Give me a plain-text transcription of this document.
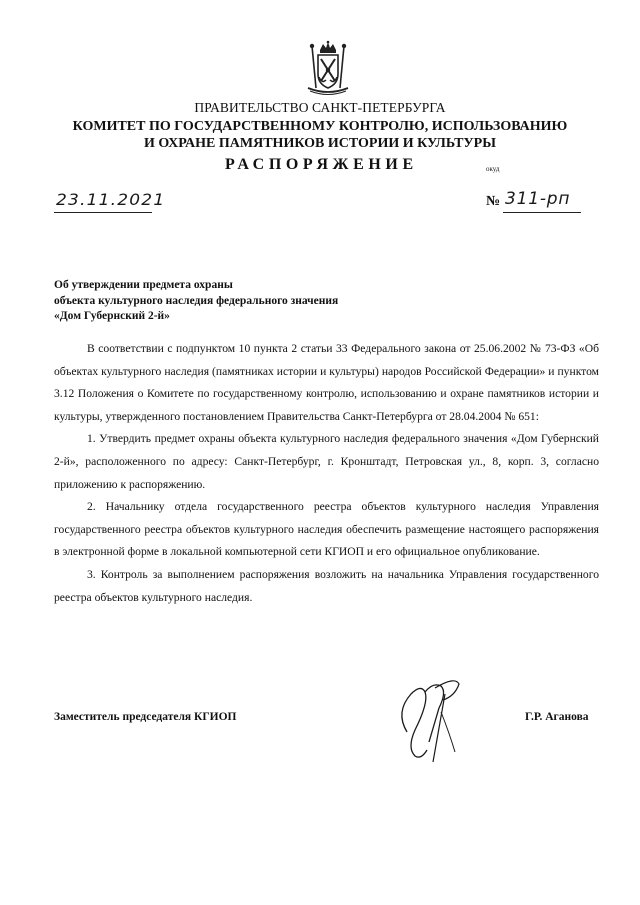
ПРАВИТЕЛЬСТВО САНКТ-ПЕТЕРБУРГА
КОМИТЕТ ПО ГОСУДАРСТВЕННОМУ КОНТРОЛЮ, ИСПОЛЬЗОВАНИЮ
И ОХРАНЕ ПАМЯТНИКОВ ИСТОРИИ И КУЛЬТУРЫ
РАСПОРЯЖЕНИЕ	окуд
23.11.2021	№ 311-рп
Об утверждении предмета охраны
объекта культурного наследия федерального значения
«Дом Губернский 2-й»

В соответствии с подпунктом 10 пункта 2 статьи 33 Федерального закона от 25.06.2002 № 73-ФЗ «Об объектах культурного наследия (памятниках истории и культуры) народов Российской Федерации» и пунктом 3.12 Положения о Комитете по государственному контролю, использованию и охране памятников истории и культуры, утвержденного постановлением Правительства Санкт-Петербурга от 28.04.2004 № 651:

1. Утвердить предмет охраны объекта культурного наследия федерального значения «Дом Губернский 2-й», расположенного по адресу: Санкт-Петербург, г. Кронштадт, Петровская ул., 8, корп. 3, согласно приложению к распоряжению.

2. Начальнику отдела государственного реестра объектов культурного наследия Управления государственного реестра объектов культурного наследия обеспечить размещение настоящего распоряжения в электронной форме в локальной компьютерной сети КГИОП и его официальное опубликование.

3. Контроль за выполнением распоряжения возложить на начальника Управления государственного реестра объектов культурного наследия.

Заместитель председателя КГИОП	Г.Р. Аганова
